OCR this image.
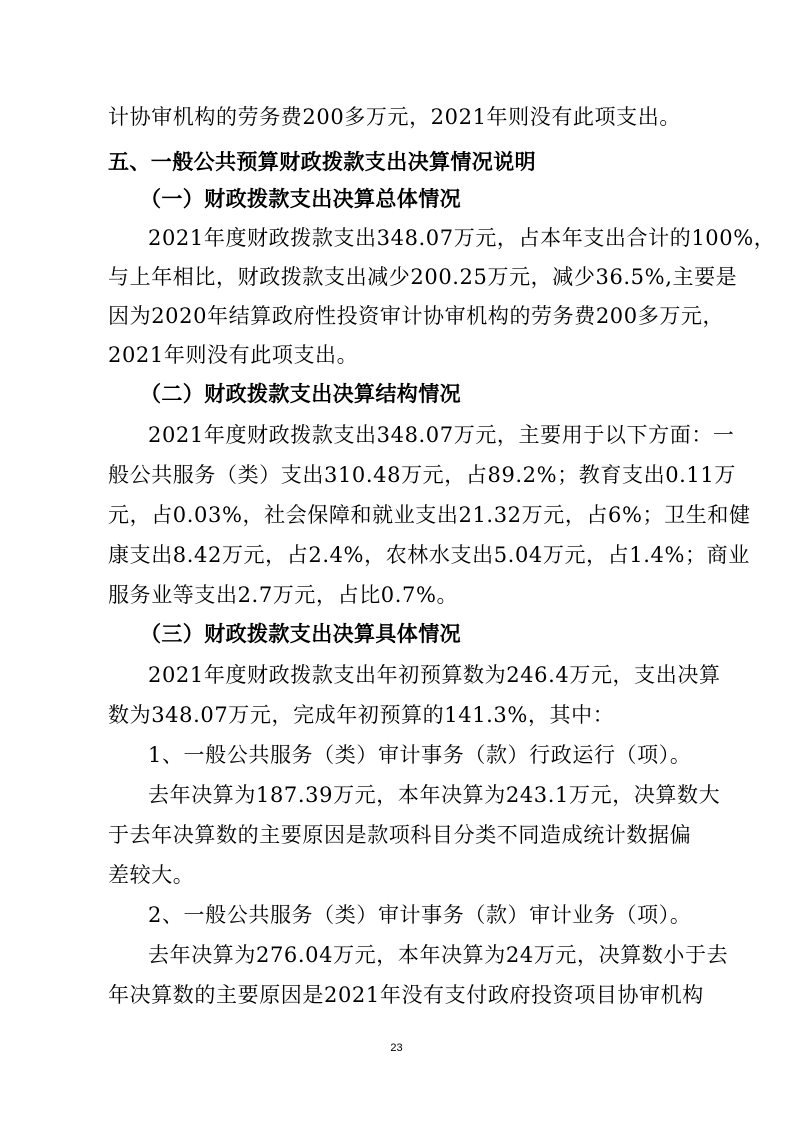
计协审机构的劳务费200多万元，2021年则没有此项支出。
五、一般公共预算财政拨款支出决算情况说明
（一）财政拨款支出决算总体情况
2021年度财政拨款支出348.07万元，占本年支出合计的100%，
与上年相比，财政拨款支出减少200.25万元，减少36.5%,主要是
因为2020年结算政府性投资审计协审机构的劳务费200多万元，
2021年则没有此项支出。
（二）财政拨款支出决算结构情况
2021年度财政拨款支出348.07万元，主要用于以下方面：一
般公共服务（类）支出310.48万元，占89.2%；教育支出0.11万
元，占0.03%，社会保障和就业支出21.32万元，占6%；卫生和健
康支出8.42万元，占2.4%，农林水支出5.04万元，占1.4%；商业
服务业等支出2.7万元，占比0.7%。
（三）财政拨款支出决算具体情况
2021年度财政拨款支出年初预算数为246.4万元，支出决算
数为348.07万元，完成年初预算的141.3%，其中：
1、一般公共服务（类）审计事务（款）行政运行（项）。
去年决算为187.39万元，本年决算为243.1万元，决算数大
于去年决算数的主要原因是款项科目分类不同造成统计数据偏
差较大。
2、一般公共服务（类）审计事务（款）审计业务（项）。
去年决算为276.04万元，本年决算为24万元，决算数小于去
年决算数的主要原因是2021年没有支付政府投资项目协审机构
23
